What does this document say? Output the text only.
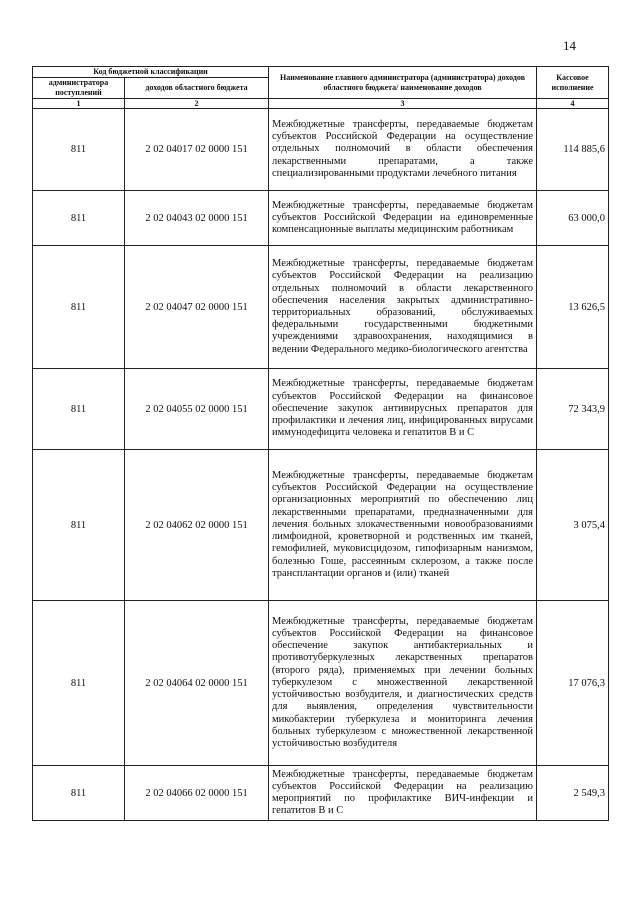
14
Код бюджетной классификации		Наименование главного администратора (администратора) доходов областного бюджета/ наименование доходов	Кассовое исполнение
администратора поступлений	доходов областного бюджета		
1	2	3	4
811	2 02 04017 02 0000 151	Межбюджетные трансферты, передаваемые бюджетам субъектов Российской Федерации на осуществление отдельных полномочий в области обеспечения лекарственными препаратами, а также специализированными продуктами лечебного питания	114 885,6
811	2 02 04043 02 0000 151	Межбюджетные трансферты, передаваемые бюджетам субъектов Российской Федерации на единовременные компенсационные выплаты медицинским работникам	63 000,0
811	2 02 04047 02 0000 151	Межбюджетные трансферты, передаваемые бюджетам субъектов Российской Федерации на реализацию отдельных полномочий в области лекарственного обеспечения населения закрытых административно-территориальных образований, обслуживаемых федеральными государственными бюджетными учреждениями здравоохранения, находящимися в ведении Федерального медико-биологического агентства	13 626,5
811	2 02 04055 02 0000 151	Межбюджетные трансферты, передаваемые бюджетам субъектов Российской Федерации на финансовое обеспечение закупок антивирусных препаратов для профилактики и лечения лиц, инфицированных вирусами иммунодефицита человека и гепатитов B и C	72 343,9
811	2 02 04062 02 0000 151	Межбюджетные трансферты, передаваемые бюджетам субъектов Российской Федерации на осуществление организационных мероприятий по обеспечению лиц лекарственными препаратами, предназначенными для лечения больных злокачественными новообразованиями лимфоидной, кроветворной и родственных им тканей, гемофилией, муковисцидозом, гипофизарным нанизмом, болезнью Гоше, рассеянным склерозом, а также после трансплантации органов и (или) тканей	3 075,4
811	2 02 04064 02 0000 151	Межбюджетные трансферты, передаваемые бюджетам субъектов Российской Федерации на финансовое обеспечение закупок антибактериальных и противотуберкулезных лекарственных препаратов (второго ряда), применяемых при лечении больных туберкулезом с множественной лекарственной устойчивостью возбудителя, и диагностических средств для выявления, определения чувствительности микобактерии туберкулеза и мониторинга лечения больных туберкулезом с множественной лекарственной устойчивостью возбудителя	17 076,3
811	2 02 04066 02 0000 151	Межбюджетные трансферты, передаваемые бюджетам субъектов Российской Федерации на реализацию мероприятий по профилактике ВИЧ-инфекции и гепатитов B и C	2 549,3
